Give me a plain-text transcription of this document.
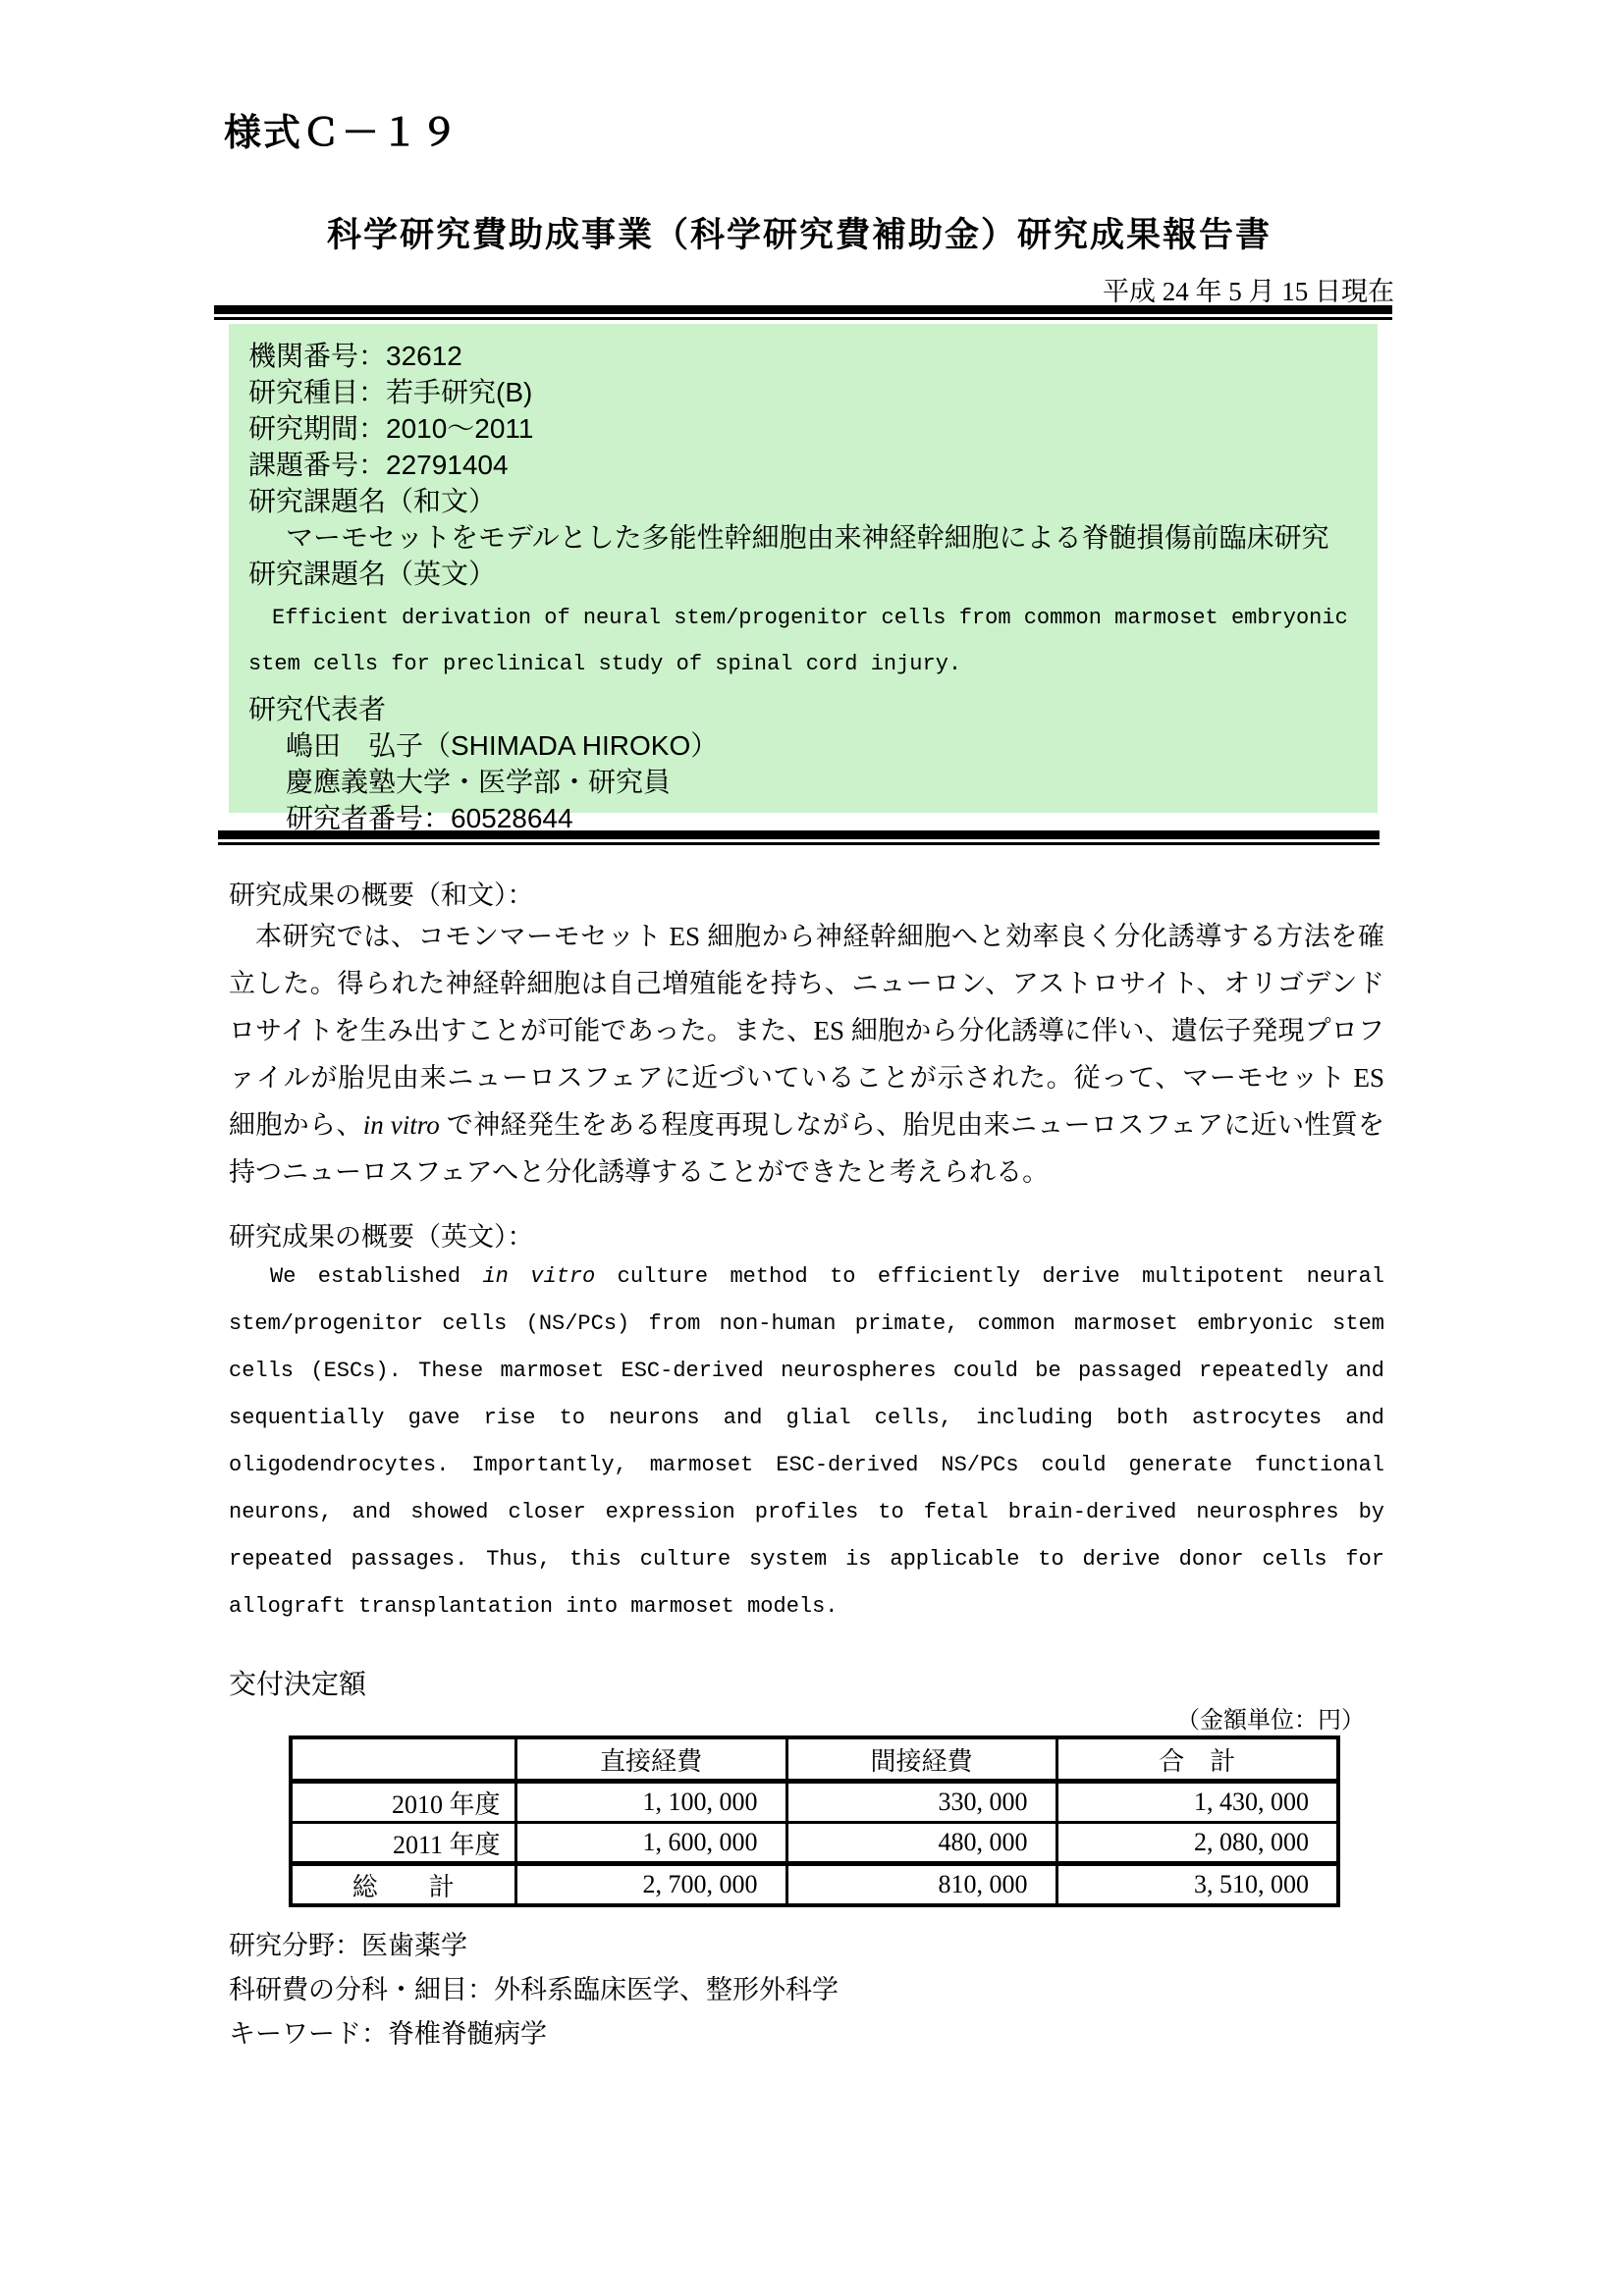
様式Ｃ－１９
科学研究費助成事業（科学研究費補助金）研究成果報告書
平成 24 年 5 月 15 日現在
機関番号：32612
研究種目：若手研究(B)
研究期間：2010～2011
課題番号：22791404
研究課題名（和文）
マーモセットをモデルとした多能性幹細胞由来神経幹細胞による脊髄損傷前臨床研究
研究課題名（英文）
Efficient derivation of neural stem/progenitor cells from common marmoset embryonic
stem cells for preclinical study of spinal cord injury.
研究代表者
嶋田　弘子（SHIMADA HIROKO）
慶應義塾大学・医学部・研究員
研究者番号：60528644
研究成果の概要（和文）：
本研究では、コモンマーモセット ES 細胞から神経幹細胞へと効率良く分化誘導する方法を確立した。得られた神経幹細胞は自己増殖能を持ち、ニューロン、アストロサイト、オリゴデンドロサイトを生み出すことが可能であった。また、ES 細胞から分化誘導に伴い、遺伝子発現プロファイルが胎児由来ニューロスフェアに近づいていることが示された。従って、マーモセット ES 細胞から、in vitro で神経発生をある程度再現しながら、胎児由来ニューロスフェアに近い性質を持つニューロスフェアへと分化誘導することができたと考えられる。
研究成果の概要（英文）：
We established in vitro culture method to efficiently derive multipotent neural stem/progenitor cells (NS/PCs) from non-human primate, common marmoset embryonic stem cells (ESCs). These marmoset ESC-derived neurospheres could be passaged repeatedly and sequentially gave rise to neurons and glial cells, including both astrocytes and oligodendrocytes. Importantly, marmoset ESC-derived NS/PCs could generate functional neurons, and showed closer expression profiles to fetal brain-derived neurosphres by repeated passages. Thus, this culture system is applicable to derive donor cells for allograft transplantation into marmoset models.
交付決定額
（金額単位：円）
	直接経費	間接経費	合　計
2010 年度	1, 100, 000	330, 000	1, 430, 000
2011 年度	1, 600, 000	480, 000	2, 080, 000
総　　計	2, 700, 000	810, 000	3, 510, 000
研究分野：医歯薬学
科研費の分科・細目：外科系臨床医学、整形外科学
キーワード：脊椎脊髄病学
